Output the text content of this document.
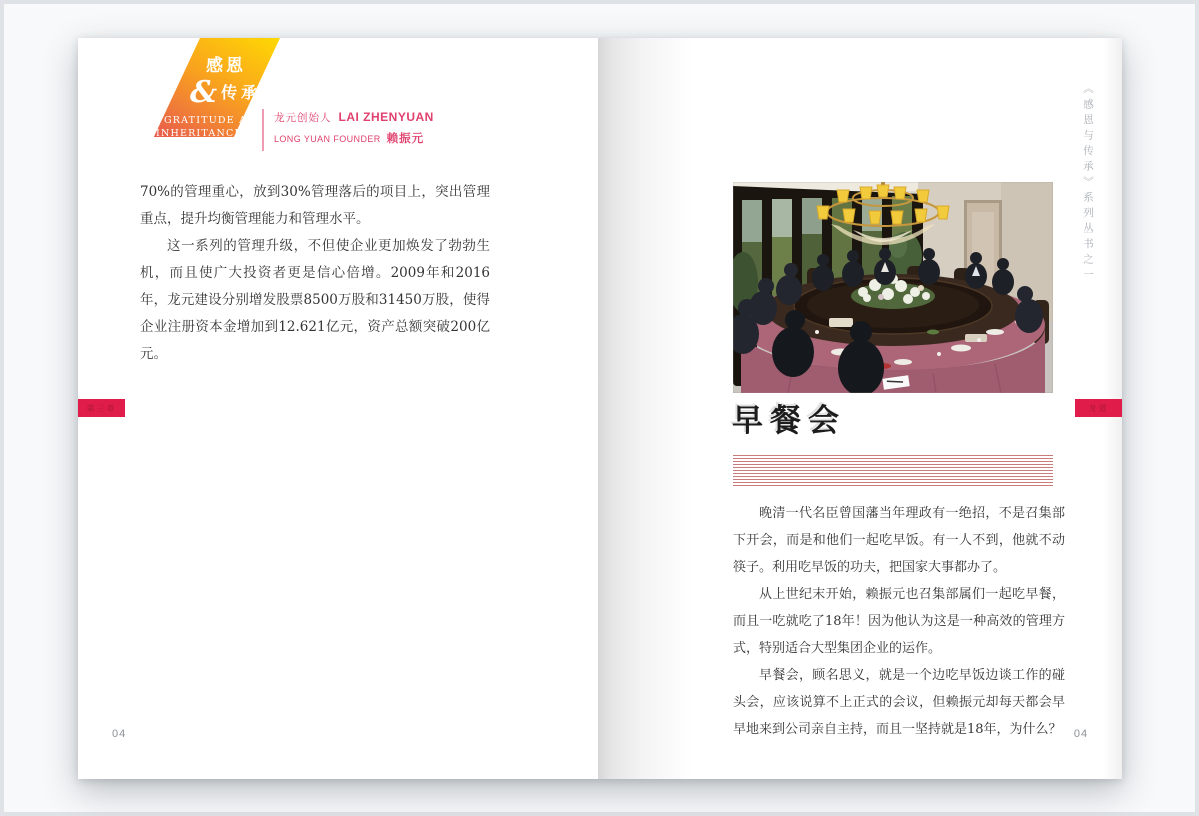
感恩
& 传承
GRATITUDE AND
INHERITANCE
龙元创始人 LAI ZHENYUAN
LONG YUAN FOUNDER 赖振元

70%的管理重心，放到30%管理落后的项目上，突出管理重点，提升均衡管理能力和管理水平。

这一系列的管理升级，不但使企业更加焕发了勃勃生机，而且使广大投资者更是信心倍增。2009年和2016年，龙元建设分别增发股票8500万股和31450万股，使得企业注册资本金增加到12.621亿元，资产总额突破200亿元。

第三章
04
《感恩与传承》系列丛书之一
早餐会

晚清一代名臣曾国藩当年理政有一绝招，不是召集部下开会，而是和他们一起吃早饭。有一人不到，他就不动筷子。利用吃早饭的功夫，把国家大事都办了。

从上世纪末开始，赖振元也召集部属们一起吃早餐，而且一吃就吃了18年！因为他认为这是一种高效的管理方式，特别适合大型集团企业的运作。

早餐会，顾名思义，就是一个边吃早饭边谈工作的碰头会，应该说算不上正式的会议，但赖振元却每天都会早早地来到公司亲自主持，而且一坚持就是18年，为什么？

龙道
04
